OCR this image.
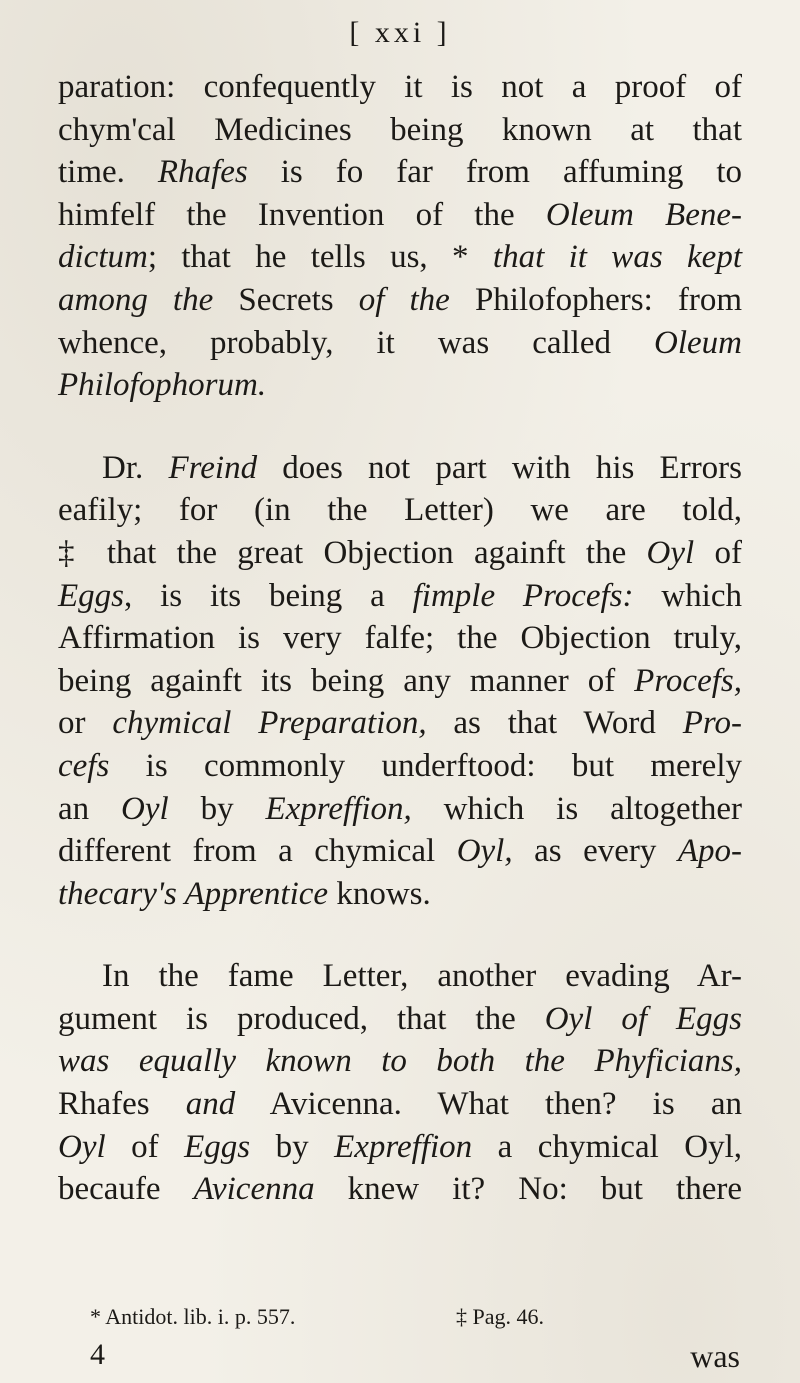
[ xxi ]
paration: confequently it is not a proof of
chym'cal Medicines being known at that
time. Rhafes is fo far from affuming to
himfelf the Invention of the Oleum Bene-
dictum; that he tells us, * that it was kept
among the Secrets of the Philofophers: from
whence, probably, it was called Oleum
Philofophorum.
Dr. Freind does not part with his Errors
eafily; for (in the Letter) we are told,
‡ that the great Objection againft the Oyl of
Eggs, is its being a fimple Procefs: which
Affirmation is very falfe; the Objection truly,
being againft its being any manner of Procefs,
or chymical Preparation, as that Word Pro-
cefs is commonly underftood: but merely
an Oyl by Expreffion, which is altogether
different from a chymical Oyl, as every Apo-
thecary's Apprentice knows.
In the fame Letter, another evading Ar-
gument is produced, that the Oyl of Eggs
was equally known to both the Phyficians,
Rhafes and Avicenna. What then? is an
Oyl of Eggs by Expreffion a chymical Oyl,
becaufe Avicenna knew it? No: but there
* Antidot. lib. i. p. 557.	‡ Pag. 46.
4	was
